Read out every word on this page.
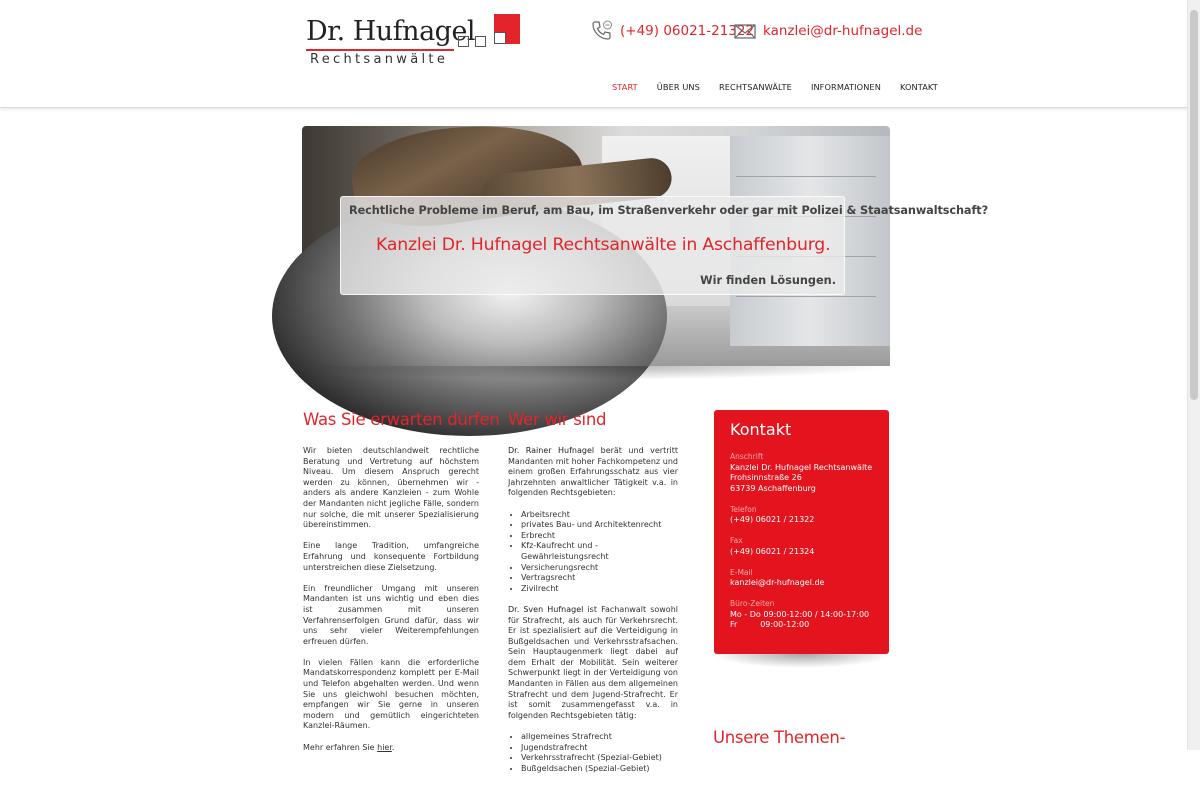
Dr. Hufnagel
Rechtsanwälte
(+49) 06021-21322 kanzlei@dr-hufnagel.de
START ÜBER UNS RECHTSANWÄLTE INFORMATIONEN KONTAKT
Rechtliche Probleme im Beruf, am Bau, im Straßenverkehr oder gar mit Polizei & Staatsanwaltschaft?
Kanzlei Dr. Hufnagel Rechtsanwälte in Aschaffenburg.
Wir finden Lösungen.
Was Sie erwarten dürfen

Wir bieten deutschlandweit rechtliche Beratung und Vertretung auf höchstem Niveau. Um diesem Anspruch gerecht werden zu können, übernehmen wir - anders als andere Kanzleien - zum Wohle der Mandanten nicht jegliche Fälle, sondern nur solche, die mit unserer Spezialisierung übereinstimmen.

Eine lange Tradition, umfangreiche Erfahrung und konsequente Fortbildung unterstreichen diese Zielsetzung.

Ein freundlicher Umgang mit unseren Mandanten ist uns wichtig und eben dies ist zusammen mit unseren Verfahrenserfolgen Grund dafür, dass wir uns sehr vieler Weiterempfehlungen erfreuen dürfen.

In vielen Fällen kann die erforderliche Mandatskorrespondenz komplett per E-Mail und Telefon abgehalten werden. Und wenn Sie uns gleichwohl besuchen möchten, empfangen wir Sie gerne in unseren modern und gemütlich eingerichteten Kanzlei-Räumen.

Mehr erfahren Sie hier.

Wer wir sind

Dr. Rainer Hufnagel berät und vertritt Mandanten mit hoher Fachkompetenz und einem großen Erfahrungsschatz aus vier Jahrzehnten anwaltlicher Tätigkeit v.a. in folgenden Rechtsgebieten:

• Arbeitsrecht
• privates Bau- und Architektenrecht
• Erbrecht
• Kfz-Kaufrecht und -Gewährleistungsrecht
• Versicherungsrecht
• Vertragsrecht
• Zivilrecht

Dr. Sven Hufnagel ist Fachanwalt sowohl für Strafrecht, als auch für Verkehrsrecht. Er ist spezialisiert auf die Verteidigung in Bußgeldsachen und Verkehrsstrafsachen. Sein Hauptaugenmerk liegt dabei auf dem Erhalt der Mobilität. Sein weiterer Schwerpunkt liegt in der Verteidigung von Mandanten in Fällen aus dem allgemeinen Strafrecht und dem Jugend-Strafrecht. Er ist somit zusammengefasst v.a. in folgenden Rechtsgebieten tätig:

• allgemeines Strafrecht
• Jugendstrafrecht
• Verkehrsstrafrecht (Spezial-Gebiet)
• Bußgeldsachen (Spezial-Gebiet)
Kontakt
Anschrift
Kanzlei Dr. Hufnagel Rechtsanwälte
Frohsinnstraße 26
63739 Aschaffenburg
Telefon
(+49) 06021 / 21322
Fax
(+49) 06021 / 21324
E-Mail
kanzlei@dr-hufnagel.de
Büro-Zeiten
Mo - Do 09:00-12:00 / 14:00-17:00
Fr         09:00-12:00
Unsere Themen-
